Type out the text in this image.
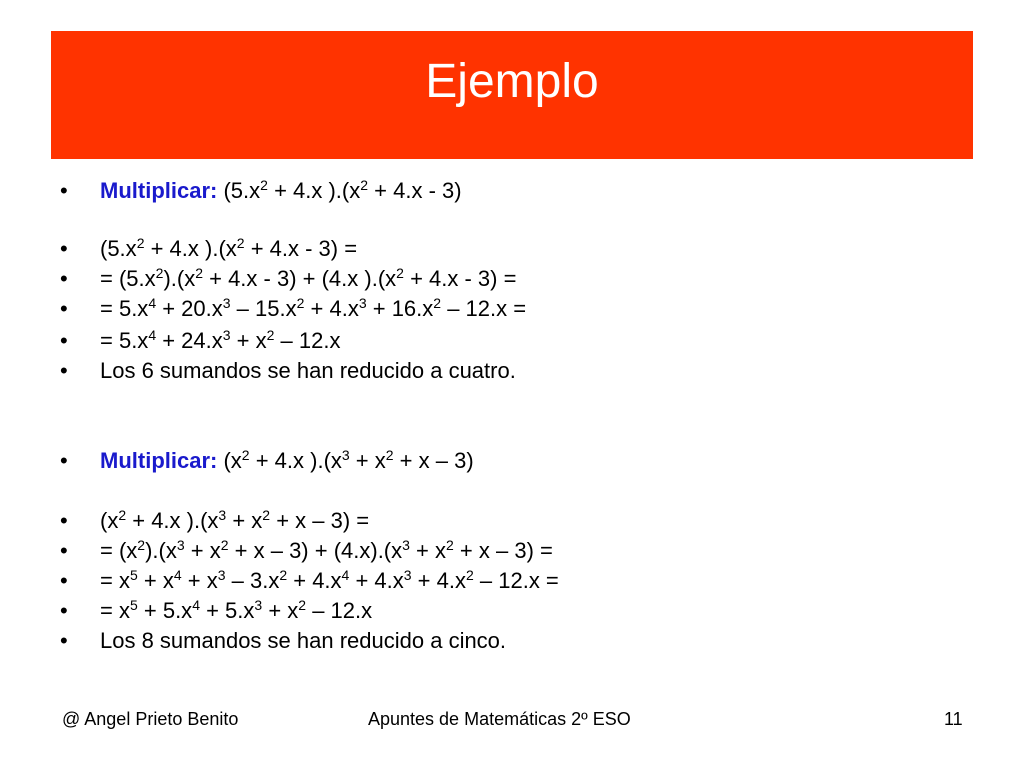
Ejemplo
•	Multiplicar: ($5.x^2 + 4.x$ )$.(x^2 + 4.x - 3)$
•	($5.x^2 + 4.x$ )$.(x^2 + 4.x - 3)$ =
•	= $(5.x^2).(x^2 + 4.x - 3) + (4.x$ )$.(x^2 + 4.x - 3)$ =
•	= $5.x^4 + 20.x^3 - 15.x^2 + 4.x^3 + 16.x^2 - 12.x$ =
•	= $5.x^4 + 24.x^3 + x^2 - 12.x$
•	Los 6 sumandos se han reducido a cuatro.
•	Multiplicar: ($x^2 + 4.x$ )$.(x^3 + x^2 + x - 3)$
•	($x^2 + 4.x$ )$.(x^3 + x^2 + x - 3)$ =
•	= $(x^2).(x^3 + x^2 + x - 3) + (4.x).(x^3 + x^2 + x - 3)$ =
•	= $x^5 + x^4 + x^3 - 3.x^2 + 4.x^4 + 4.x^3 + 4.x^2 - 12.x$ =
•	= $x^5 + 5.x^4 + 5.x^3 + x^2 - 12.x$
•	Los 8 sumandos se han reducido a cinco.
@ Angel Prieto Benito	Apuntes de Matemáticas 2º ESO	11
